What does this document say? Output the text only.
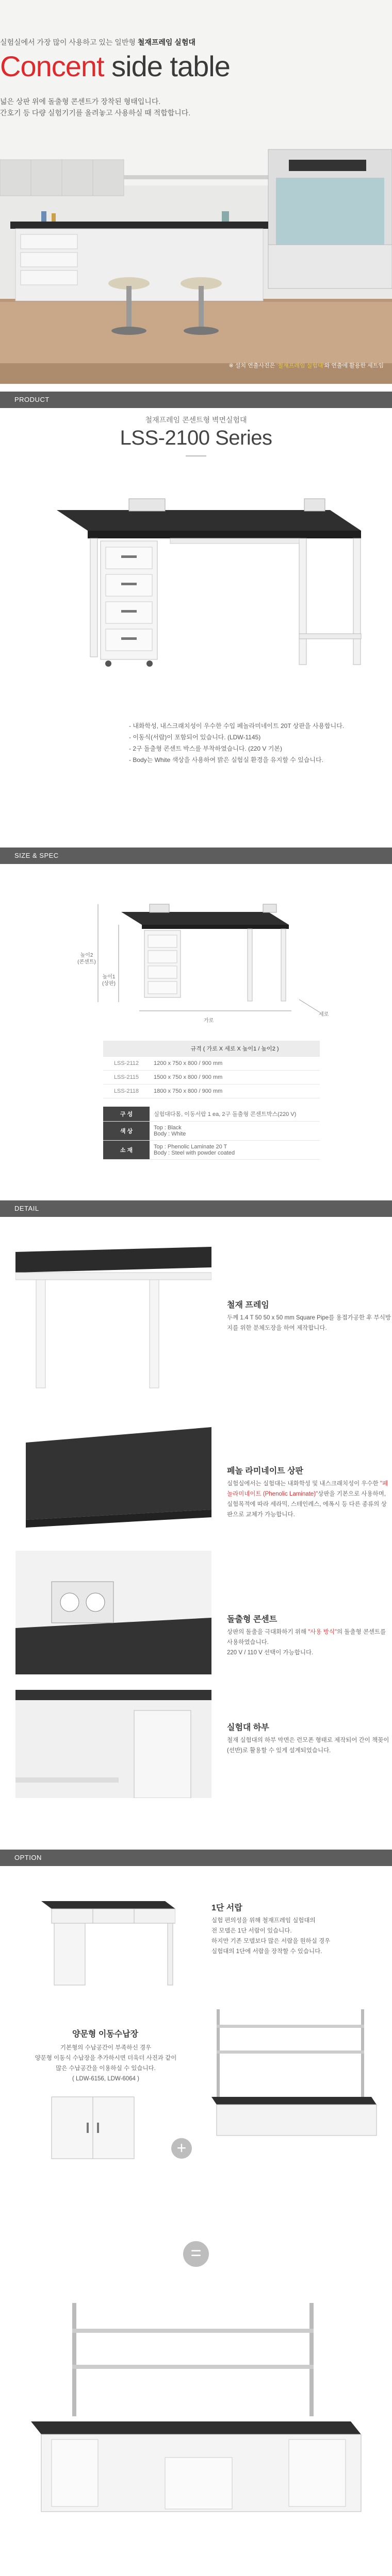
실험실에서 가장 많이 사용하고 있는 일반형 철재프레임 실험대
Concent side table
넓은 상판 위에 돌출형 콘센트가 장착된 형태입니다.
간호기 등 다량 실험기기를 올려놓고 사용하실 때 적합합니다.
※ 설치 연출사진은 '철재프레임 실험대'와 연출에 활용한 세트임
PRODUCT
철재프레임 콘센트형 벽면실험대
LSS-2100 Series
- 내화학성, 내스크래치성이 우수한 수입 페놀라미네이트 20T 상판을 사용합니다.
- 이동식(서랍)이 포함되어 있습니다. (LDW-1145)
- 2구 돌출형 콘센트 박스를 부착하였습니다. (220 V 기본)
- Body는 White 색상을 사용하여 밝은 실험실 환경을 유지할 수 있습니다.
SIZE & SPEC
높이2
(콘센트)
높이1
(상판)
가로
세로
	규격 ( 가로 X 세로 X 높이1 / 높이2 )
LSS-2112	1200 x 750 x 800 / 900 mm
LSS-2115	1500 x 750 x 800 / 900 mm
LSS-2118	1800 x 750 x 800 / 900 mm
구 성	실험대다몸, 이동서랍 1 ea, 2구 돌출형 콘센트박스(220 V)
색 상	Top : Black
Body : White
소 재	Top : Phenolic Laminate 20 T
Body : Steel with powder coated
DETAIL
철재 프레임
두께 1.4 T 50 50 x 50 mm Square Pipe를 용접가공한 후 부식방지를 위한 분체도장을 하여 제작합니다.
페놀 라미네이트 상판
실험실에서는 실험대는 내화학성 및 내스크래치성이 우수한 "페놀라미네이트 (Phenolic Laminate)"상판을 기본으로 사용하며, 실험목적에 따라 세라믹, 스테인레스, 에폭시 등 다른 종류의 상판으로 교체가 가능합니다.
돌출형 콘센트
상판의 돌출을 극대화하기 위해 "사용 방식"의 돌출형 콘센트를 사용하였습니다.
220 V / 110 V 선택이 가능합니다.
실험대 하부
철재 실험대의 하부 막면은 런모폰 형태로 제작되어 간이 책꽂이(선반)로 활용할 수 있게 설계되었습니다.
OPTION
1단 서랍
실험 편의성을 위해 철재프레임 실험대의
전 모델은 1단 서랍이 있습니다.
하지만 기존 모델보다 많은 서랍을 원하실 경우
실험대의 1단에 서랍을 장착할 수 있습니다.
양문형 이동수납장
기본형의 수납공간이 부족하신 경우
양문형 이동식 수납장을 추가하시면 더욱더 사진과 같이
많은 수납공간을 이용하실 수 있습니다.
( LDW-6156, LDW-6064 )
+
=
